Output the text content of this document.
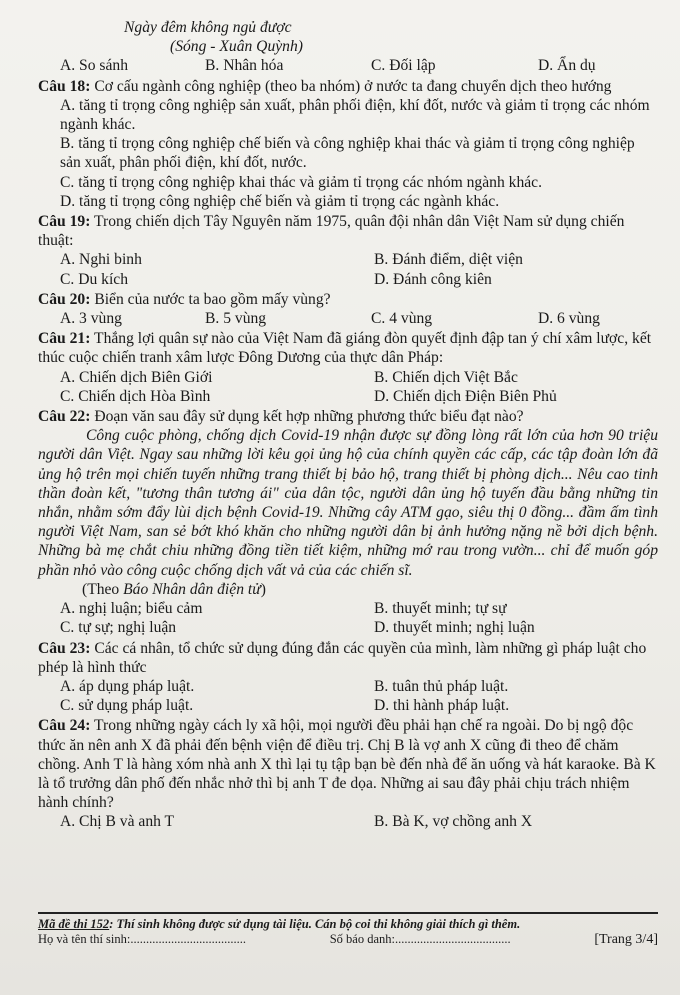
Ngày đêm không ngủ được
(Sóng - Xuân Quỳnh)
A. So sánh	B. Nhân hóa	C. Đối lập	D. Ẩn dụ
Câu 18: Cơ cấu ngành công nghiệp (theo ba nhóm) ở nước ta đang chuyển dịch theo hướng
A. tăng tỉ trọng công nghiệp sản xuất, phân phối điện, khí đốt, nước và giảm tỉ trọng các nhóm ngành khác.
B. tăng tỉ trọng công nghiệp chế biến và công nghiệp khai thác và giảm tỉ trọng công nghiệp sản xuất, phân phối điện, khí đốt, nước.
C. tăng tỉ trọng công nghiệp khai thác và giảm tỉ trọng các nhóm ngành khác.
D. tăng tỉ trọng công nghiệp chế biến và giảm tỉ trọng các ngành khác.
Câu 19: Trong chiến dịch Tây Nguyên năm 1975, quân đội nhân dân Việt Nam sử dụng chiến thuật:
A. Nghi binh	B. Đánh điểm, diệt viện
C. Du kích	D. Đánh công kiên
Câu 20: Biển của nước ta bao gồm mấy vùng?
A. 3 vùng	B. 5 vùng	C. 4 vùng	D. 6 vùng
Câu 21: Thắng lợi quân sự nào của Việt Nam đã giáng đòn quyết định đập tan ý chí xâm lược, kết thúc cuộc chiến tranh xâm lược Đông Dương của thực dân Pháp:
A. Chiến dịch Biên Giới	B. Chiến dịch Việt Bắc
C. Chiến dịch Hòa Bình	D. Chiến dịch Điện Biên Phủ
Câu 22: Đoạn văn sau đây sử dụng kết hợp những phương thức biểu đạt nào?
Công cuộc phòng, chống dịch Covid-19 nhận được sự đồng lòng rất lớn của hơn 90 triệu người dân Việt. Ngay sau những lời kêu gọi ủng hộ của chính quyền các cấp, các tập đoàn lớn đã ủng hộ trên mọi chiến tuyến những trang thiết bị bảo hộ, trang thiết bị phòng dịch... Nêu cao tinh thần đoàn kết, "tương thân tương ái" của dân tộc, người dân ủng hộ tuyến đầu bằng những tin nhắn, nhằm sớm đẩy lùi dịch bệnh Covid-19. Những cây ATM gạo, siêu thị 0 đồng... đầm ấm tình người Việt Nam, san sẻ bớt khó khăn cho những người dân bị ảnh hưởng nặng nề bởi dịch bệnh. Những bà mẹ chắt chiu những đồng tiền tiết kiệm, những mớ rau trong vườn... chỉ để muốn góp phần nhỏ vào công cuộc chống dịch vất vả của các chiến sĩ.
(Theo Báo Nhân dân điện tử)
A. nghị luận; biểu cảm	B. thuyết minh; tự sự
C. tự sự; nghị luận	D. thuyết minh; nghị luận
Câu 23: Các cá nhân, tổ chức sử dụng đúng đắn các quyền của mình, làm những gì pháp luật cho phép là hình thức
A. áp dụng pháp luật.	B. tuân thủ pháp luật.
C. sử dụng pháp luật.	D. thi hành pháp luật.
Câu 24: Trong những ngày cách ly xã hội, mọi người đều phải hạn chế ra ngoài. Do bị ngộ độc thức ăn nên anh X đã phải đến bệnh viện để điều trị. Chị B là vợ anh X cũng đi theo để chăm chồng. Anh T là hàng xóm nhà anh X thì lại tụ tập bạn bè đến nhà để ăn uống và hát karaoke. Bà K là tổ trưởng dân phố đến nhắc nhở thì bị anh T đe dọa. Những ai sau đây phải chịu trách nhiệm hành chính?
A. Chị B và anh T	B. Bà K, vợ chồng anh X
Mã đề thi 152: Thí sinh không được sử dụng tài liệu. Cán bộ coi thi không giải thích gì thêm.
Họ và tên thí sinh:.....................................	Số báo danh:.....................................	[Trang 3/4]
